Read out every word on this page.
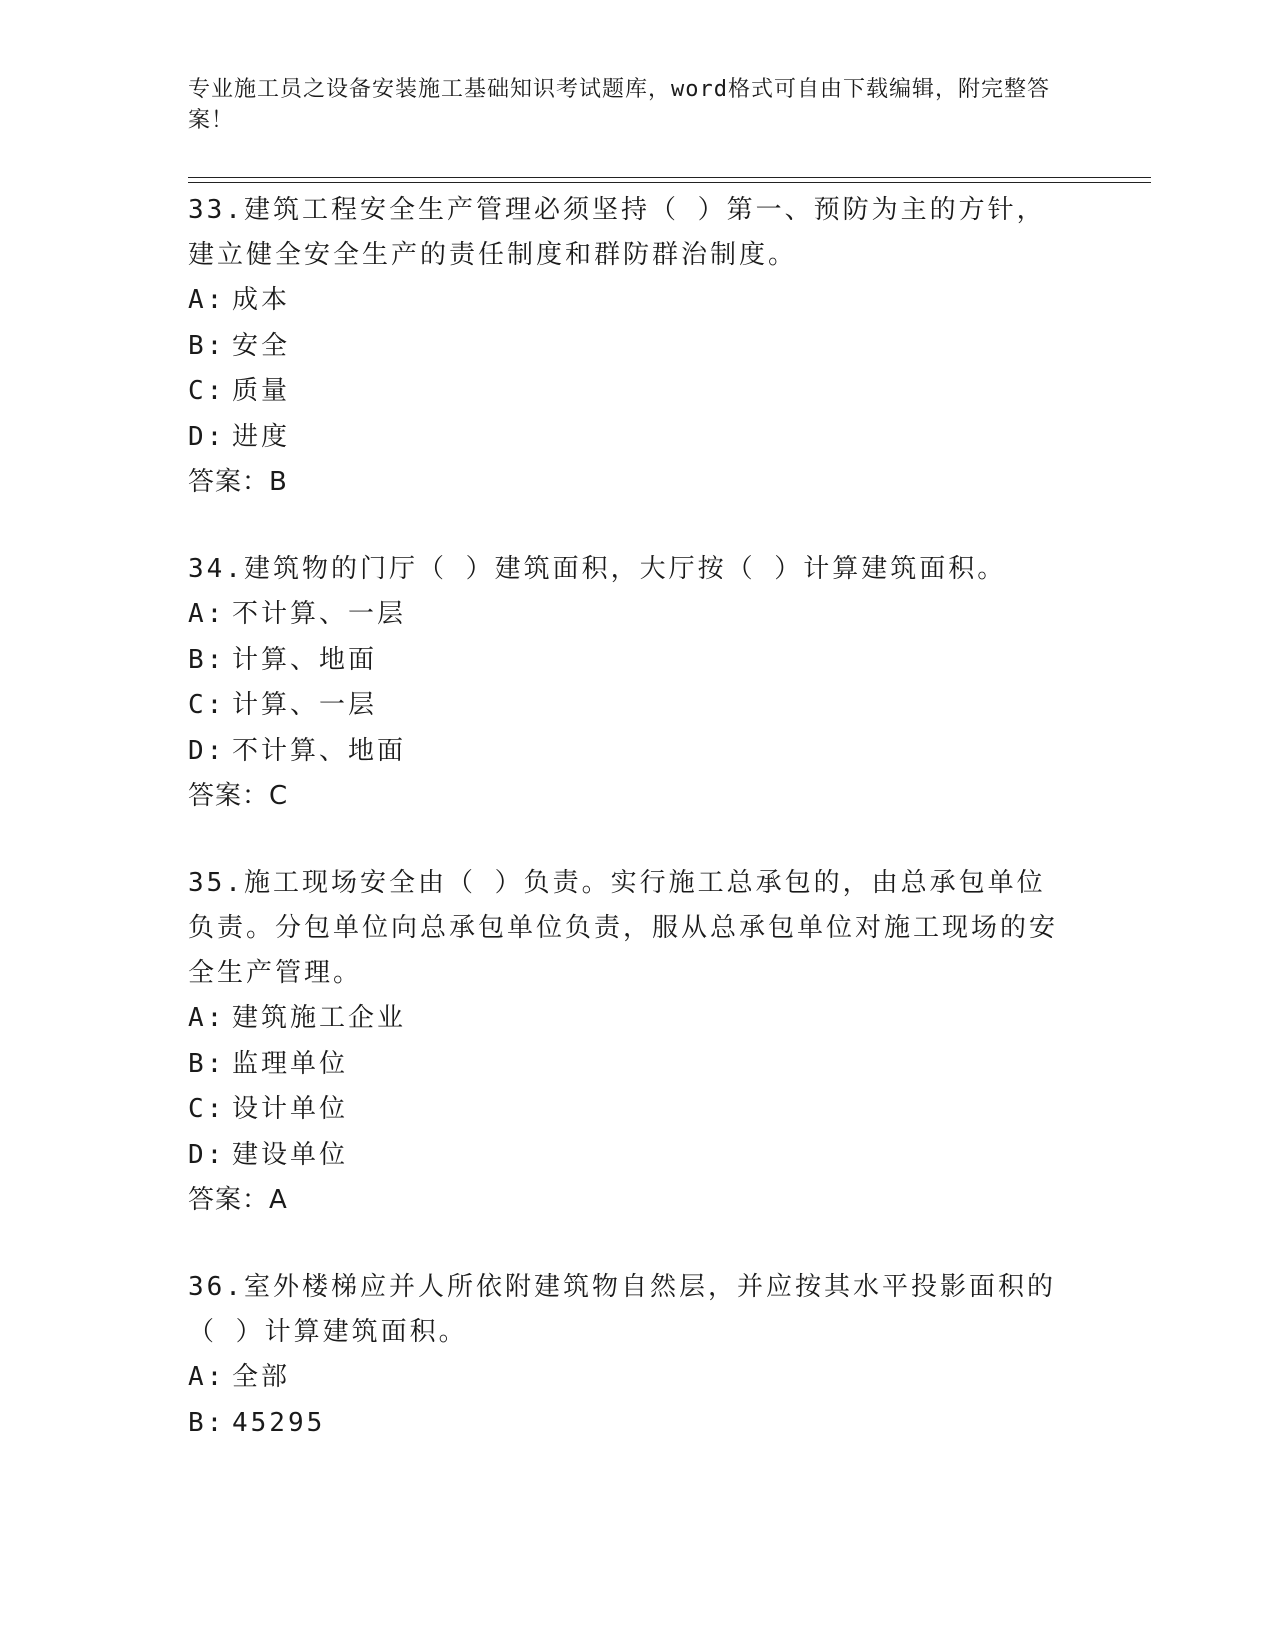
专业施工员之设备安装施工基础知识考试题库，word格式可自由下载编辑，附完整答案！

33.建筑工程安全生产管理必须坚持（ ）第一、预防为主的方针，建立健全安全生产的责任制度和群防群治制度。

A: 成本

B: 安全

C: 质量

D: 进度

答案：B

34.建筑物的门厅（ ）建筑面积，大厅按（ ）计算建筑面积。

A: 不计算、一层

B: 计算、地面

C: 计算、一层

D: 不计算、地面

答案：C

35.施工现场安全由（ ）负责。实行施工总承包的，由总承包单位负责。分包单位向总承包单位负责，服从总承包单位对施工现场的安全生产管理。

A: 建筑施工企业

B: 监理单位

C: 设计单位

D: 建设单位

答案：A

36.室外楼梯应并人所依附建筑物自然层，并应按其水平投影面积的（ ）计算建筑面积。

A: 全部

B: 45295
